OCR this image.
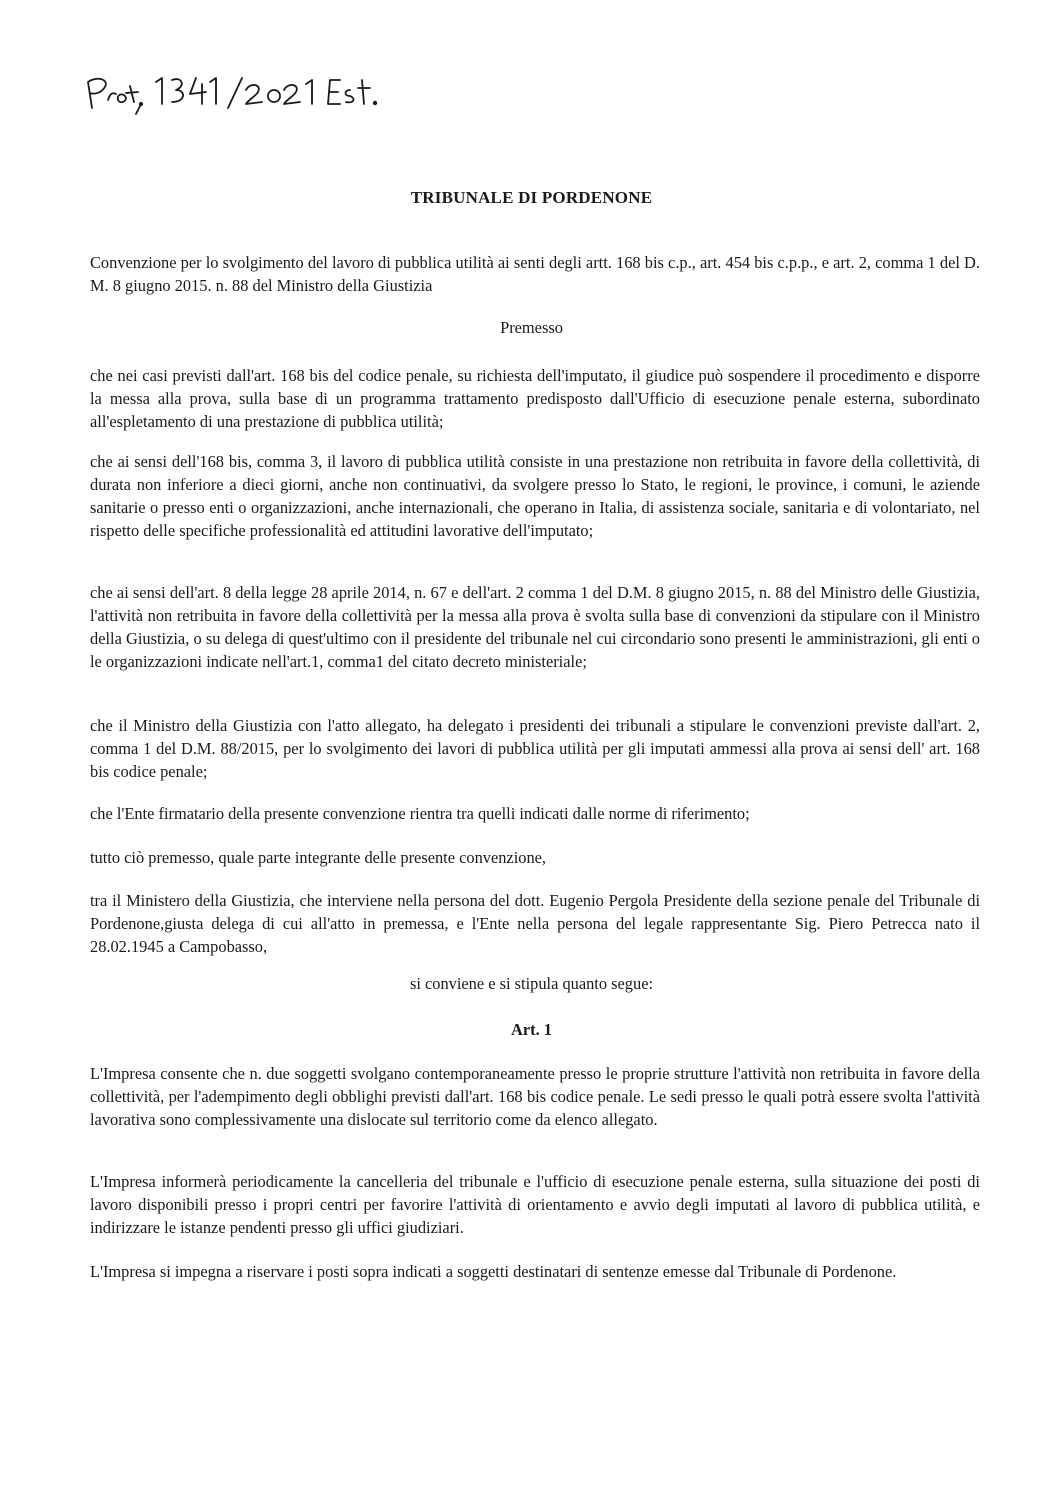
TRIBUNALE DI PORDENONE
Convenzione per lo svolgimento del lavoro di pubblica utilità ai senti degli artt. 168 bis c.p., art. 454 bis c.p.p., e art. 2, comma 1 del D. M. 8 giugno 2015. n. 88 del Ministro della Giustizia
Premesso
che nei casi previsti dall'art. 168 bis del codice penale, su richiesta dell'imputato, il giudice può sospendere il procedimento e disporre la messa alla prova, sulla base di un programma trattamento predisposto dall'Ufficio di esecuzione penale esterna, subordinato all'espletamento di una prestazione di pubblica utilità;
che ai sensi dell'168 bis, comma 3, il lavoro di pubblica utilità consiste in una prestazione non retribuita in favore della collettività, di durata non inferiore a dieci giorni, anche non continuativi, da svolgere presso lo Stato, le regioni, le province, i comuni, le aziende sanitarie o presso enti o organizzazioni, anche internazionali, che operano in Italia, di assistenza sociale, sanitaria e di volontariato, nel rispetto delle specifiche professionalità ed attitudini lavorative dell'imputato;
che ai sensi dell'art. 8 della legge 28 aprile 2014, n. 67 e dell'art. 2 comma 1 del D.M. 8 giugno 2015, n. 88 del Ministro delle Giustizia, l'attività non retribuita in favore della collettività per la messa alla prova è svolta sulla base di convenzioni da stipulare con il Ministro della Giustizia, o su delega di quest'ultimo con il presidente del tribunale nel cui circondario sono presenti le amministrazioni, gli enti o le organizzazioni indicate nell'art.1, comma1 del citato decreto ministeriale;
che il Ministro della Giustizia con l'atto allegato, ha delegato i presidenti dei tribunali a stipulare le convenzioni previste dall'art. 2, comma 1 del D.M. 88/2015, per lo svolgimento dei lavori di pubblica utilità per gli imputati ammessi alla prova ai sensi dell' art. 168 bis codice penale;
che l'Ente firmatario della presente convenzione rientra tra quelli indicati dalle norme di riferimento;
tutto ciò premesso, quale parte integrante delle presente convenzione,
tra il Ministero della Giustizia, che interviene nella persona del dott. Eugenio Pergola Presidente della sezione penale del Tribunale di Pordenone,giusta delega di cui all'atto in premessa, e l'Ente nella persona del legale rappresentante Sig. Piero Petrecca nato il 28.02.1945 a Campobasso,
si conviene e si stipula quanto segue:
Art. 1
L'Impresa consente che n. due soggetti svolgano contemporaneamente presso le proprie strutture l'attività non retribuita in favore della collettività, per l'adempimento degli obblighi previsti dall'art. 168 bis codice penale. Le sedi presso le quali potrà essere svolta l'attività lavorativa sono complessivamente una dislocate sul territorio come da elenco allegato.
L'Impresa informerà periodicamente la cancelleria del tribunale e l'ufficio di esecuzione penale esterna, sulla situazione dei posti di lavoro disponibili presso i propri centri per favorire l'attività di orientamento e avvio degli imputati al lavoro di pubblica utilità, e indirizzare le istanze pendenti presso gli uffici giudiziari.
L'Impresa si impegna a riservare i posti sopra indicati a soggetti destinatari di sentenze emesse dal Tribunale di Pordenone.
